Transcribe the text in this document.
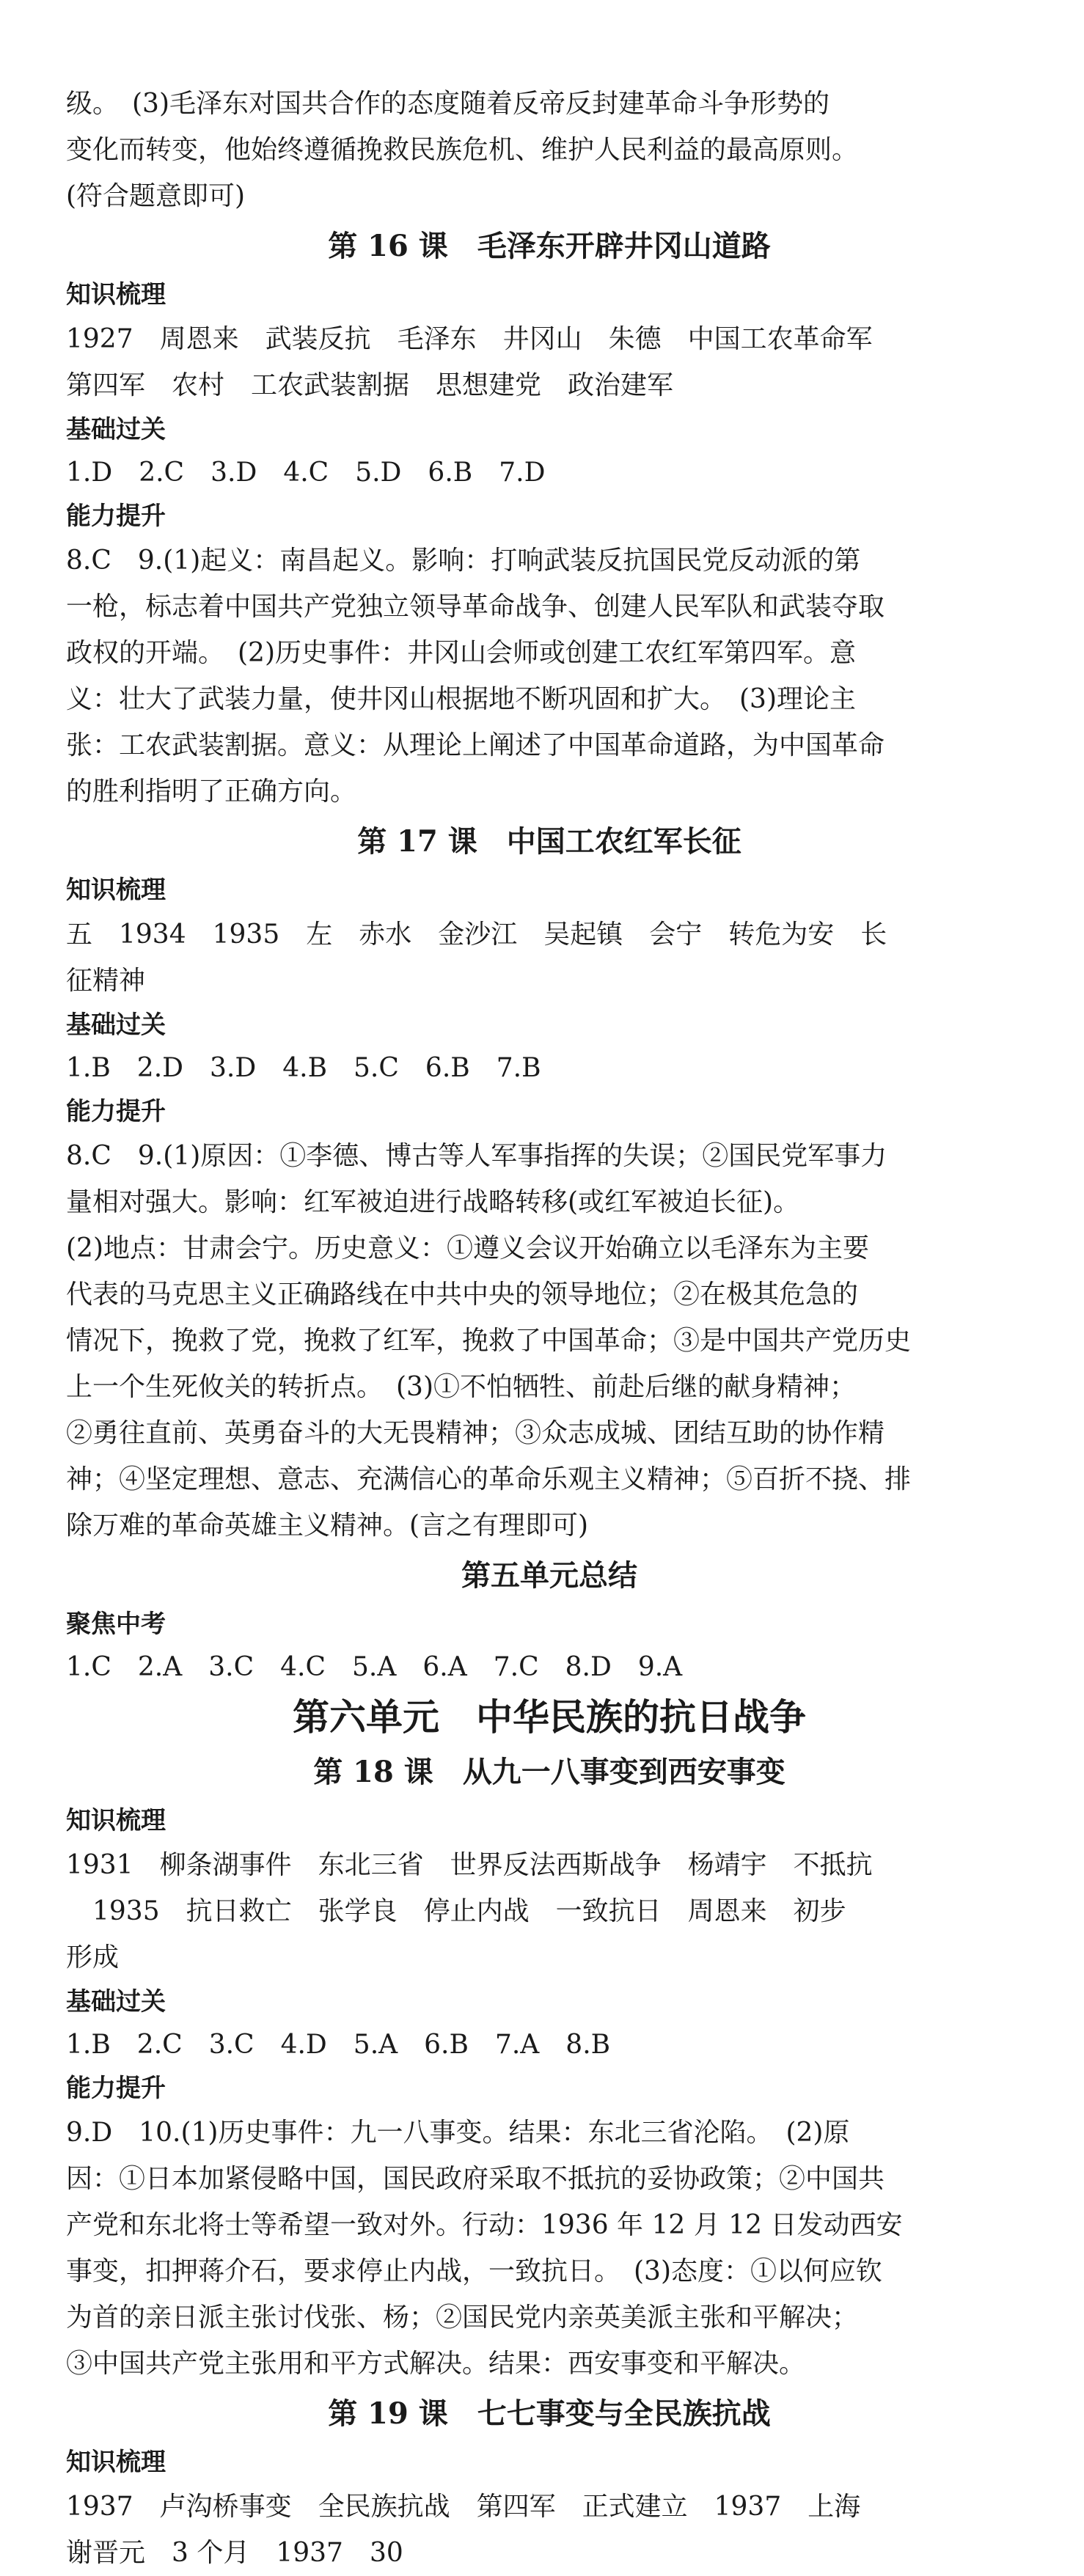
级。　(3)毛泽东对国共合作的态度随着反帝反封建革命斗争形势的

变化而转变，他始终遵循挽救民族危机、维护人民利益的最高原则。

(符合题意即可)

第 16 课　毛泽东开辟井冈山道路
知识梳理

1927　周恩来　武装反抗　毛泽东　井冈山　朱德　中国工农革命军

第四军　农村　工农武装割据　思想建党　政治建军

基础过关

1.D　2.C　3.D　4.C　5.D　6.B　7.D

能力提升

8.C　9.(1)起义：南昌起义。影响：打响武装反抗国民党反动派的第

一枪，标志着中国共产党独立领导革命战争、创建人民军队和武装夺取

政权的开端。　(2)历史事件：井冈山会师或创建工农红军第四军。意

义：壮大了武装力量，使井冈山根据地不断巩固和扩大。　(3)理论主

张：工农武装割据。意义：从理论上阐述了中国革命道路，为中国革命

的胜利指明了正确方向。

第 17 课　中国工农红军长征
知识梳理

五　1934　1935　左　赤水　金沙江　吴起镇　会宁　转危为安　长

征精神

基础过关

1.B　2.D　3.D　4.B　5.C　6.B　7.B

能力提升

8.C　9.(1)原因：①李德、博古等人军事指挥的失误；②国民党军事力

量相对强大。影响：红军被迫进行战略转移(或红军被迫长征)。

(2)地点：甘肃会宁。历史意义：①遵义会议开始确立以毛泽东为主要

代表的马克思主义正确路线在中共中央的领导地位；②在极其危急的

情况下，挽救了党，挽救了红军，挽救了中国革命；③是中国共产党历史

上一个生死攸关的转折点。　(3)①不怕牺牲、前赴后继的献身精神；

②勇往直前、英勇奋斗的大无畏精神；③众志成城、团结互助的协作精

神；④坚定理想、意志、充满信心的革命乐观主义精神；⑤百折不挠、排

除万难的革命英雄主义精神。(言之有理即可)

第五单元总结
聚焦中考

1.C　2.A　3.C　4.C　5.A　6.A　7.C　8.D　9.A

第六单元　中华民族的抗日战争
第 18 课　从九一八事变到西安事变
知识梳理

1931　柳条湖事件　东北三省　世界反法西斯战争　杨靖宇　不抵抗

　1935　抗日救亡　张学良　停止内战　一致抗日　周恩来　初步

形成

基础过关

1.B　2.C　3.C　4.D　5.A　6.B　7.A　8.B

能力提升

9.D　10.(1)历史事件：九一八事变。结果：东北三省沦陷。　(2)原

因：①日本加紧侵略中国，国民政府采取不抵抗的妥协政策；②中国共

产党和东北将士等希望一致对外。行动：1936 年 12 月 12 日发动西安

事变，扣押蒋介石，要求停止内战，一致抗日。　(3)态度：①以何应钦

为首的亲日派主张讨伐张、杨；②国民党内亲英美派主张和平解决；

③中国共产党主张用和平方式解决。结果：西安事变和平解决。

第 19 课　七七事变与全民族抗战
知识梳理

1937　卢沟桥事变　全民族抗战　第四军　正式建立　1937　上海

谢晋元　3 个月　1937　30
